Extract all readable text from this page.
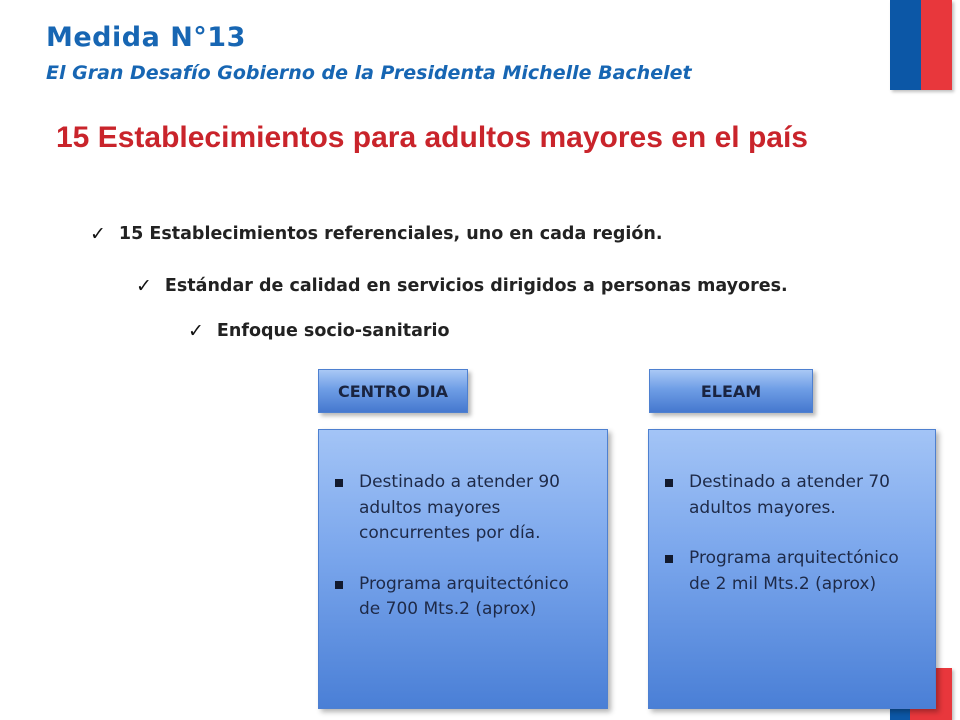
Medida N°13
El Gran Desafío Gobierno de la Presidenta Michelle Bachelet
15 Establecimientos para adultos mayores en el país
✓ 15 Establecimientos referenciales, uno en cada región.
✓ Estándar de calidad en servicios dirigidos a personas mayores.
✓ Enfoque socio-sanitario
CENTRO DIA	ELEAM
Destinado a atender 90 adultos mayores concurrentes por día.
Programa arquitectónico de 700 Mts.2 (aprox)
Destinado a atender 70 adultos mayores.
Programa arquitectónico de 2 mil Mts.2 (aprox)
